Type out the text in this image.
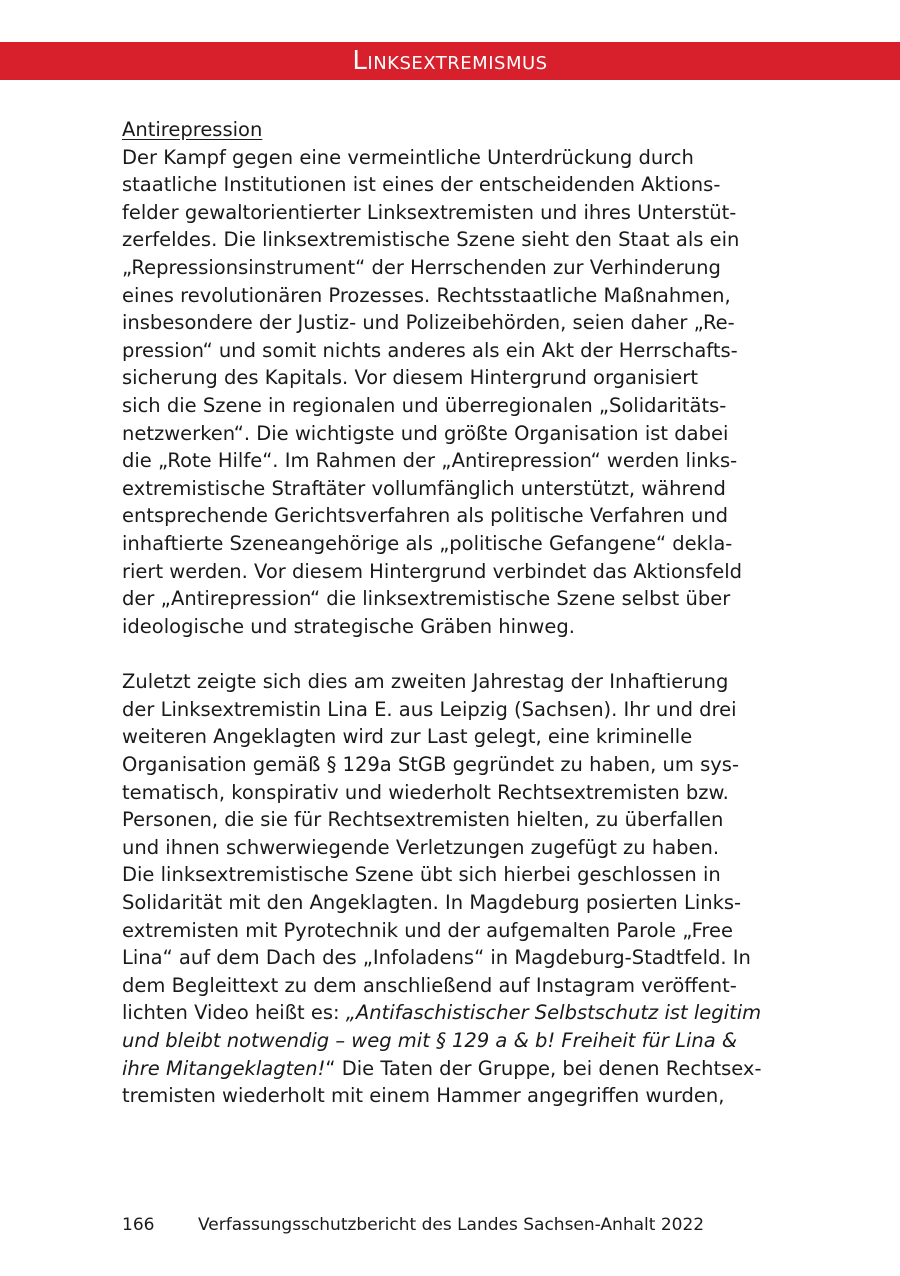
Linksextremismus

Antirepression

Der Kampf gegen eine vermeintliche Unterdrückung durch

staatliche Institutionen ist eines der entscheidenden Aktions-

felder gewaltorientierter Linksextremisten und ihres Unterstüt-

zerfeldes. Die linksextremistische Szene sieht den Staat als ein

„Repressionsinstrument“ der Herrschenden zur Verhinderung

eines revolutionären Prozesses. Rechtsstaatliche Maßnahmen,

insbesondere der Justiz- und Polizeibehörden, seien daher „Re-

pression“ und somit nichts anderes als ein Akt der Herrschafts-

sicherung des Kapitals. Vor diesem Hintergrund organisiert

sich die Szene in regionalen und überregionalen „Solidaritäts-

netzwerken“. Die wichtigste und größte Organisation ist dabei

die „Rote Hilfe“. Im Rahmen der „Antirepression“ werden links-

extremistische Straftäter vollumfänglich unterstützt, während

entsprechende Gerichtsverfahren als politische Verfahren und

inhaftierte Szeneangehörige als „politische Gefangene“ dekla-

riert werden. Vor diesem Hintergrund verbindet das Aktionsfeld

der „Antirepression“ die linksextremistische Szene selbst über

ideologische und strategische Gräben hinweg.

Zuletzt zeigte sich dies am zweiten Jahrestag der Inhaftierung

der Linksextremistin Lina E. aus Leipzig (Sachsen). Ihr und drei

weiteren Angeklagten wird zur Last gelegt, eine kriminelle

Organisation gemäß § 129a StGB gegründet zu haben, um sys-

tematisch, konspirativ und wiederholt Rechtsextremisten bzw.

Personen, die sie für Rechtsextremisten hielten, zu überfallen

und ihnen schwerwiegende Verletzungen zugefügt zu haben.

Die linksextremistische Szene übt sich hierbei geschlossen in

Solidarität mit den Angeklagten. In Magdeburg posierten Links-

extremisten mit Pyrotechnik und der aufgemalten Parole „Free

Lina“ auf dem Dach des „Infoladens“ in Magdeburg-Stadtfeld. In

dem Begleittext zu dem anschließend auf Instagram veröffent-

lichten Video heißt es: „Antifaschistischer Selbstschutz ist legitim

und bleibt notwendig – weg mit § 129 a & b! Freiheit für Lina &

ihre Mitangeklagten!“ Die Taten der Gruppe, bei denen Rechtsex-

tremisten wiederholt mit einem Hammer angegriffen wurden,

166	Verfassungsschutzbericht des Landes Sachsen-Anhalt 2022
